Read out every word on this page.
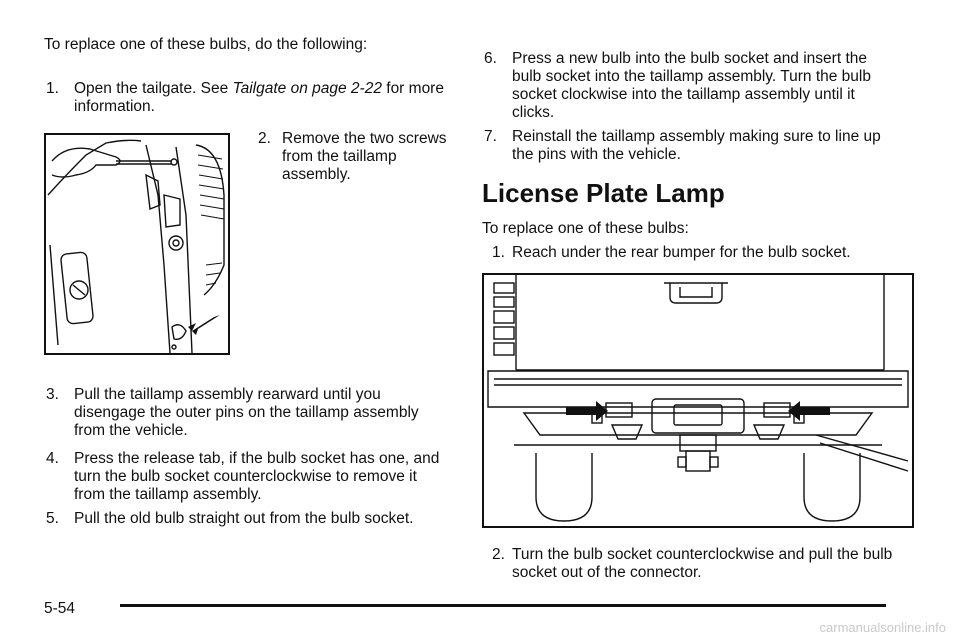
To replace one of these bulbs, do the following:
1. Open the tailgate. See Tailgate on page 2-22 for more information.
2. Remove the two screws from the taillamp assembly.
3. Pull the taillamp assembly rearward until you disengage the outer pins on the taillamp assembly from the vehicle.
4. Press the release tab, if the bulb socket has one, and turn the bulb socket counterclockwise to remove it from the taillamp assembly.
5. Pull the old bulb straight out from the bulb socket.
6. Press a new bulb into the bulb socket and insert the bulb socket into the taillamp assembly. Turn the bulb socket clockwise into the taillamp assembly until it clicks.
7. Reinstall the taillamp assembly making sure to line up the pins with the vehicle.
License Plate Lamp
To replace one of these bulbs:
1. Reach under the rear bumper for the bulb socket.
2. Turn the bulb socket counterclockwise and pull the bulb socket out of the connector.
5-54
carmanualsonline.info
